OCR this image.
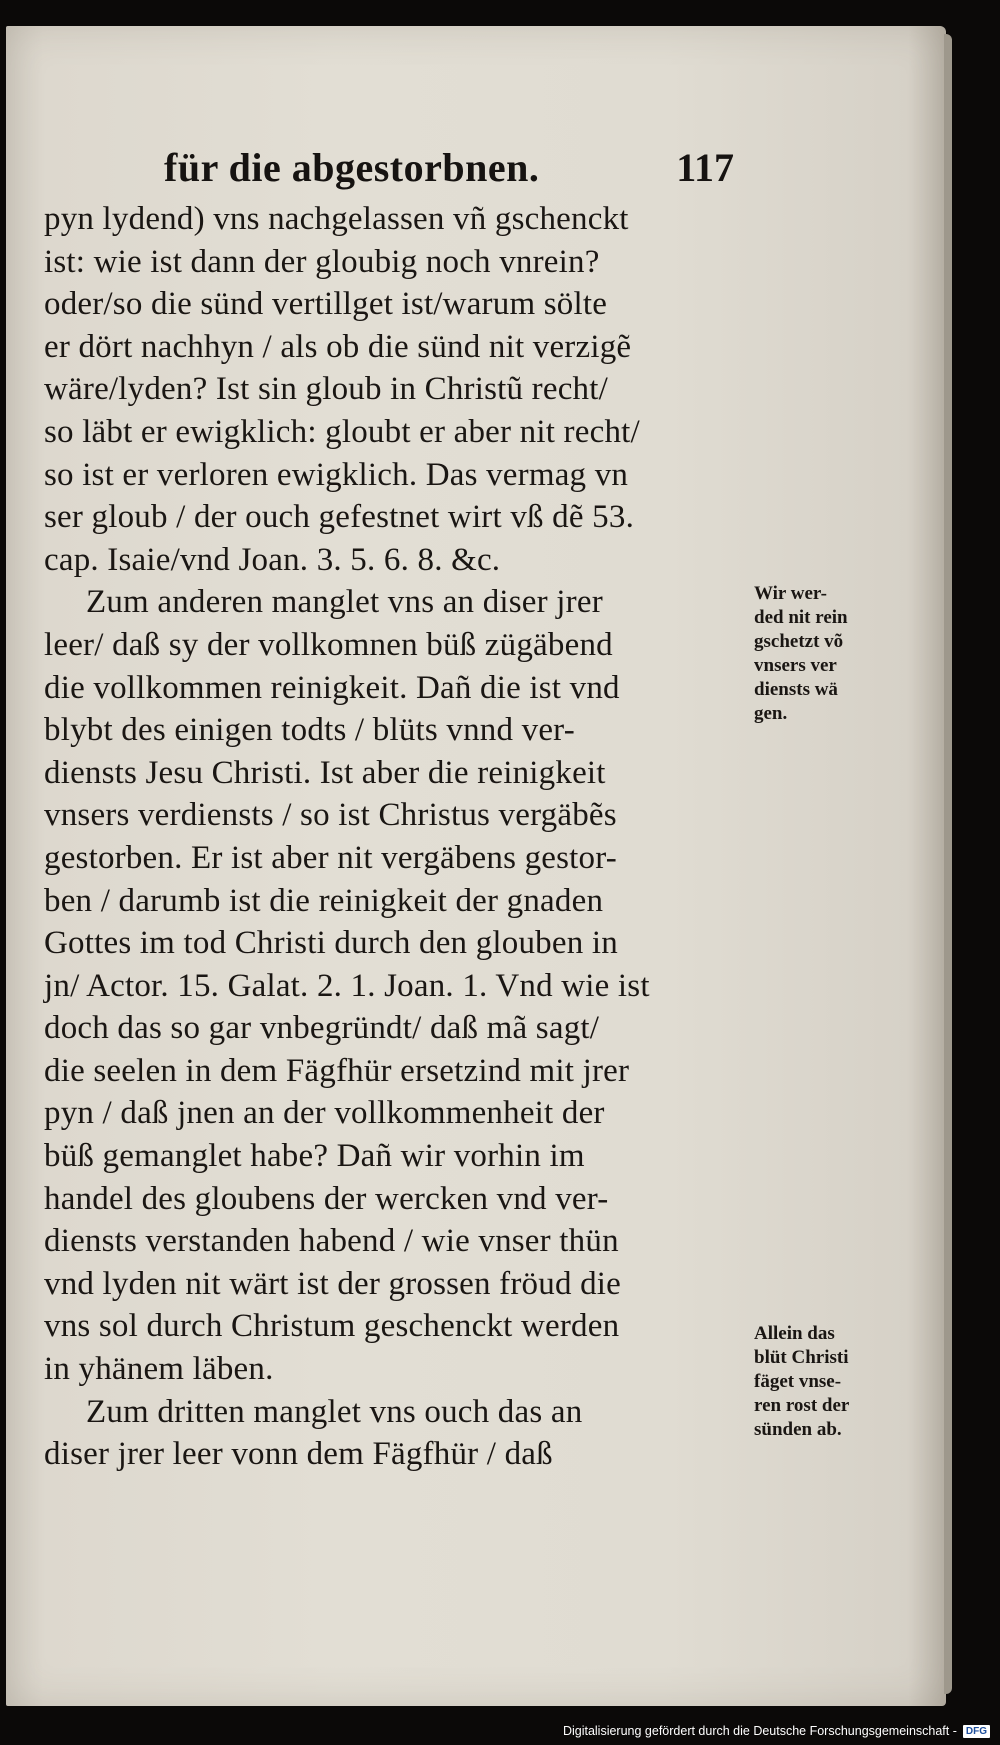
für die abgestorbnen.	117
pyn lydend) vns nachgelassen vñ gschenckt
ist: wie ist dann der gloubig noch vnrein?
oder/so die sünd vertillget ist/warum sölte
er dört nachhyn / als ob die sünd nit verzigẽ
wäre/lyden? Ist sin gloub in Christũ recht/
so läbt er ewigklich: gloubt er aber nit recht/
so ist er verloren ewigklich. Das vermag vn
ser gloub / der ouch gefestnet wirt vß dẽ 53.
cap. Isaie/vnd Joan. 3. 5. 6. 8. &c.
Zum anderen manglet vns an diser jrer
leer/ daß sy der vollkomnen büß zügäbend
die vollkommen reinigkeit. Dañ die ist vnd
blybt des einigen todts / blüts vnnd ver-
diensts Jesu Christi. Ist aber die reinigkeit
vnsers verdiensts / so ist Christus vergäbẽs
gestorben. Er ist aber nit vergäbens gestor-
ben / darumb ist die reinigkeit der gnaden
Gottes im tod Christi durch den glouben in
jn/ Actor. 15. Galat. 2. 1. Joan. 1. Vnd wie ist
doch das so gar vnbegründt/ daß mã sagt/
die seelen in dem Fägfhür ersetzind mit jrer
pyn / daß jnen an der vollkommenheit der
büß gemanglet habe? Dañ wir vorhin im
handel des gloubens der wercken vnd ver-
diensts verstanden habend / wie vnser thün
vnd lyden nit wärt ist der grossen fröud die
vns sol durch Christum geschenckt werden
in yhänem läben.
Zum dritten manglet vns ouch das an
diser jrer leer vonn dem Fägfhür / daß
Wir wer-
ded nit rein
gschetzt võ
vnsers ver
diensts wä
gen.
Allein das
blüt Christi
fäget vnse-
ren rost der
sünden ab.
Digitalisierung gefördert durch die Deutsche Forschungsgemeinschaft - DFG
